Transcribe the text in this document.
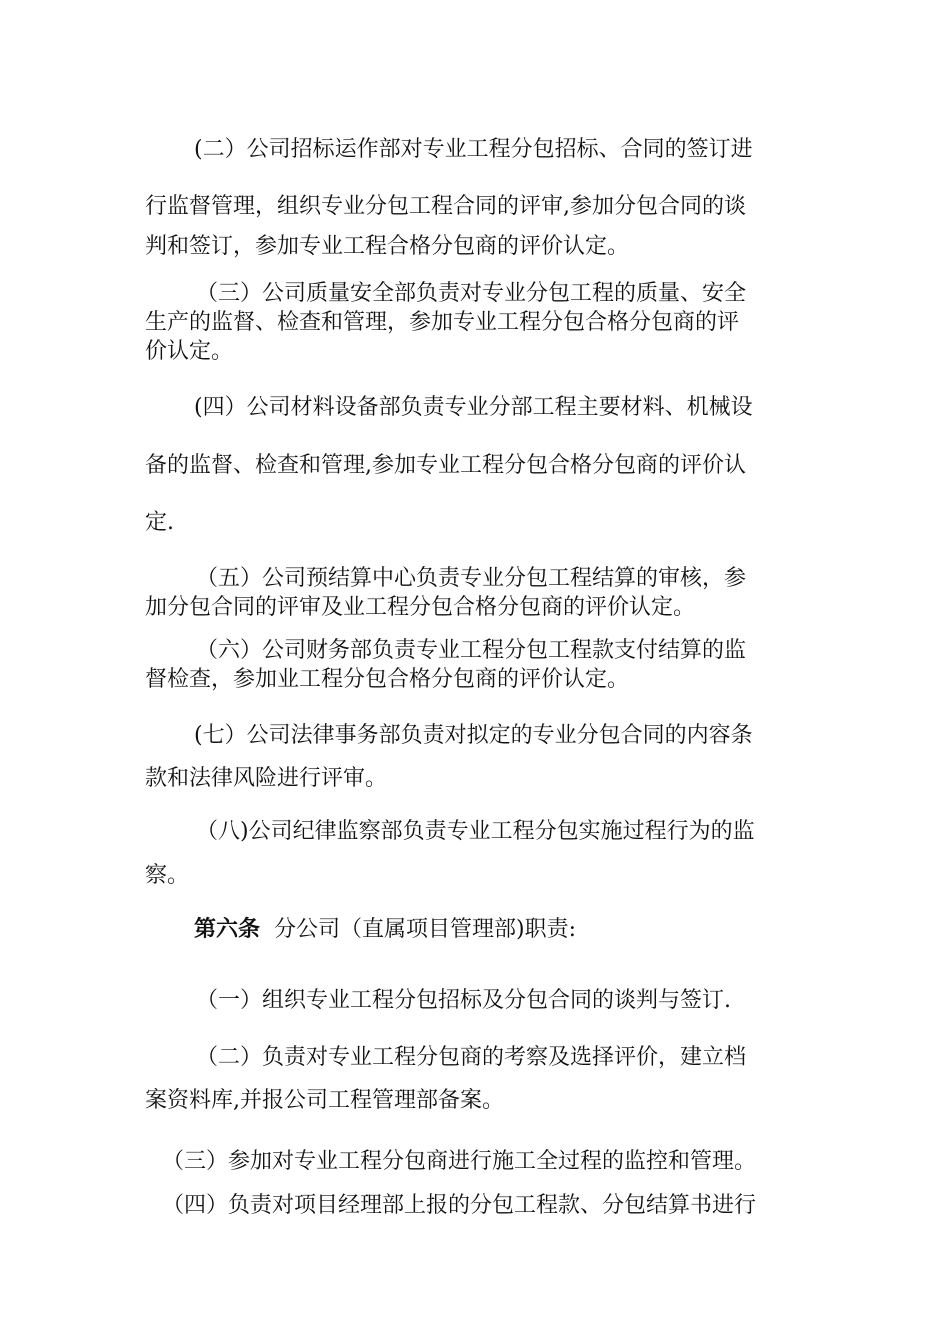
(二）公司招标运作部对专业工程分包招标、合同的签订进
行监督管理，组织专业分包工程合同的评审,参加分包合同的谈
判和签订，参加专业工程合格分包商的评价认定。
（三）公司质量安全部负责对专业分包工程的质量、安全
生产的监督、检查和管理，参加专业工程分包合格分包商的评
价认定。
(四）公司材料设备部负责专业分部工程主要材料、机械设
备的监督、检查和管理,参加专业工程分包合格分包商的评价认
定.
（五）公司预结算中心负责专业分包工程结算的审核，参
加分包合同的评审及业工程分包合格分包商的评价认定。
（六）公司财务部负责专业工程分包工程款支付结算的监
督检查，参加业工程分包合格分包商的评价认定。
(七）公司法律事务部负责对拟定的专业分包合同的内容条
款和法律风险进行评审。
（八)公司纪律监察部负责专业工程分包实施过程行为的监
察。
第六条 分公司（直属项目管理部)职责:
（一）组织专业工程分包招标及分包合同的谈判与签订.
（二）负责对专业工程分包商的考察及选择评价，建立档
案资料库,并报公司工程管理部备案。
（三）参加对专业工程分包商进行施工全过程的监控和管理。
（四）负责对项目经理部上报的分包工程款、分包结算书进行
